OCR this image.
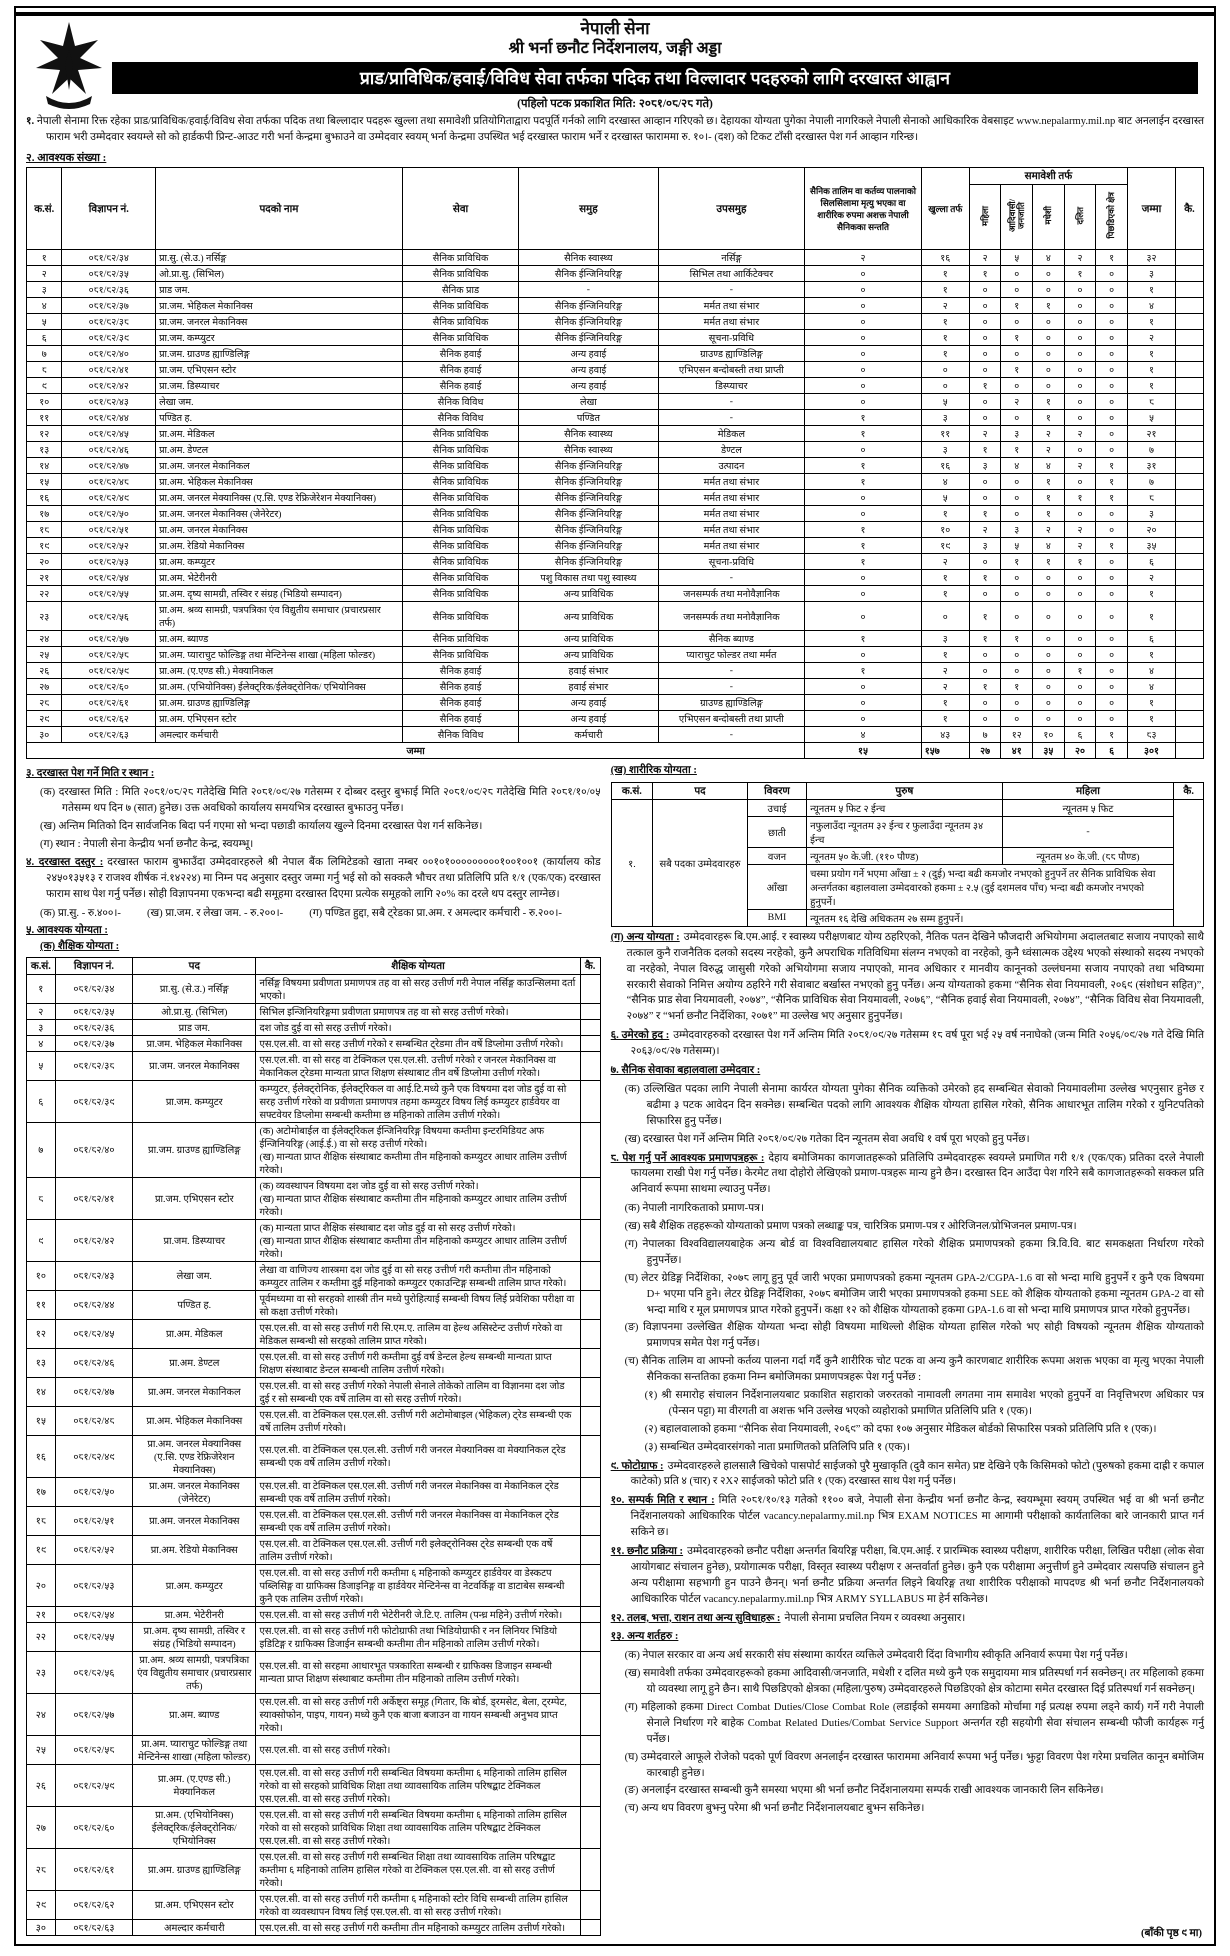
नेपाली सेना
श्री भर्ना छनौट निर्देशनालय, जङ्गी अड्डा
प्राड/प्राविधिक/हवाई/विविध सेवा तर्फका पदिक तथा विल्लादार पदहरुको लागि दरखास्त आह्वान
(पहिलो पटक प्रकाशित मिति: २०८१/०८/२८ गते)

१. नेपाली सेनामा रिक्त रहेका प्राड/प्राविधिक/हवाई/विविध सेवा तर्फका पदिक तथा बिल्लादार पदहरू खुल्ला तथा समावेशी प्रतियोगिताद्वारा पदपूर्ति गर्नको लागि दरखास्त आव्हान गरिएको छ। देहायका योग्यता पुगेका नेपाली नागरिकले नेपाली सेनाको आधिकारिक वेबसाइट www.nepalarmy.mil.np बाट अनलाईन दरखास्त फाराम भरी उम्मेदवार स्वयम्ले सो को हार्डकपी प्रिन्ट-आउट गरी भर्ना केन्द्रमा बुझाउने वा उम्मेदवार स्वयम् भर्ना केन्द्रमा उपस्थित भई दरखास्त फाराम भर्ने र दरखास्त फाराममा रु. १०।- (दश) को टिकट टाँसी दरखास्त पेश गर्न आव्हान गरिन्छ।

२. आवश्यक संख्या :
क.सं.	विज्ञापन नं.	पदको नाम	सेवा	समुह	उपसमुह	सैनिक तालिम वा कर्तव्य पालनाको सिलसिलामा मृत्यु भएका वा शारीरिक रुपमा अशक्त नेपाली सैनिकका सन्तति	खुल्ला तर्फ	समावेशी तर्फ					जम्मा	कै.
								महिला	आदिवासी/ जनजाति	मधेशी	दलित	पिछडिएको क्षेत्र		
१	०८१/८२/३४	प्रा.सु. (से.उ.) नर्सिङ्ग	सैनिक प्राविधिक	सैनिक स्वास्थ्य	नर्सिङ्ग	२	१६	२	५	४	२	१	३२	
२	०८१/८२/३५	ओ.प्रा.सु. (सिभिल)	सैनिक प्राविधिक	सैनिक ईन्जिनियरिङ्ग	सिभिल तथा आर्किटेक्चर	०	१	१	०	०	१	०	३	
३	०८१/८२/३६	प्राड जम.	सैनिक प्राड	-	-	०	१	०	०	०	०	०	१	
४	०८१/८२/३७	प्रा.जम. भेहिकल मेकानिक्स	सैनिक प्राविधिक	सैनिक ईन्जिनियरिङ्ग	मर्मत तथा संभार	०	२	०	१	१	०	०	४	
५	०८१/८२/३८	प्रा.जम. जनरल मेकानिक्स	सैनिक प्राविधिक	सैनिक ईन्जिनियरिङ्ग	मर्मत तथा संभार	०	१	०	०	०	०	०	१	
६	०८१/८२/३९	प्रा.जम. कम्प्युटर	सैनिक प्राविधिक	सैनिक ईन्जिनियरिङ्ग	सूचना-प्रविधि	०	१	०	१	०	०	०	२	
७	०८१/८२/४०	प्रा.जम. ग्राउण्ड ह्याण्डिलिङ्ग	सैनिक हवाई	अन्य हवाई	ग्राउण्ड ह्याण्डिलिङ्ग	०	१	०	०	०	०	०	१	
८	०८१/८२/४१	प्रा.जम. एभिएसन स्टोर	सैनिक हवाई	अन्य हवाई	एभिएसन बन्दोबस्ती तथा प्राप्ती	०	०	०	१	०	०	०	१	
९	०८१/८२/४२	प्रा.जम. डिस्प्याचर	सैनिक हवाई	अन्य हवाई	डिस्प्याचर	०	०	१	०	०	०	०	१	
१०	०८१/८२/४३	लेखा जम.	सैनिक विविध	लेखा	-	०	५	०	२	१	०	०	८	
११	०८१/८२/४४	पण्डित ह.	सैनिक विविध	पण्डित	-	१	३	०	०	१	०	०	५	
१२	०८१/८२/४५	प्रा.अम. मेडिकल	सैनिक प्राविधिक	सैनिक स्वास्थ्य	मेडिकल	१	११	२	३	२	२	०	२१	
१३	०८१/८२/४६	प्रा.अम. डेण्टल	सैनिक प्राविधिक	सैनिक स्वास्थ्य	डेण्टल	०	३	१	१	२	०	०	७	
१४	०८१/८२/४७	प्रा.अम. जनरल मेकानिकल	सैनिक प्राविधिक	सैनिक ईन्जिनियरिङ्ग	उत्पादन	१	१६	३	४	४	२	१	३१	
१५	०८१/८२/४८	प्रा.अम. भेहिकल मेकानिक्स	सैनिक प्राविधिक	सैनिक ईन्जिनियरिङ्ग	मर्मत तथा संभार	१	४	०	०	१	०	१	७	
१६	०८१/८२/४९	प्रा.अम. जनरल मेक्यानिक्स (ए.सि. एण्ड रेफ्रिजेरेशन मेक्यानिक्स)	सैनिक प्राविधिक	सैनिक ईन्जिनियरिङ्ग	मर्मत तथा संभार	०	५	०	०	१	१	१	८	
१७	०८१/८२/५०	प्रा.अम. जनरल मेकानिक्स (जेनेरेटर)	सैनिक प्राविधिक	सैनिक ईन्जिनियरिङ्ग	मर्मत तथा संभार	०	१	१	०	१	०	०	३	
१८	०८१/८२/५१	प्रा.अम. जनरल मेकानिक्स	सैनिक प्राविधिक	सैनिक ईन्जिनियरिङ्ग	मर्मत तथा संभार	१	१०	२	३	२	२	०	२०	
१९	०८१/८२/५२	प्रा.अम. रेडियो मेकानिक्स	सैनिक प्राविधिक	सैनिक ईन्जिनियरिङ्ग	मर्मत तथा संभार	१	१९	३	५	४	२	१	३५	
२०	०८१/८२/५३	प्रा.अम. कम्प्युटर	सैनिक प्राविधिक	सैनिक ईन्जिनियरिङ्ग	सूचना-प्रविधि	१	२	०	१	१	१	०	६	
२१	०८१/८२/५४	प्रा.अम. भेटेरीनरी	सैनिक प्राविधिक	पशु विकास तथा पशु स्वास्थ्य	-	०	१	१	०	०	०	०	२	
२२	०८१/८२/५५	प्रा.अम. दृष्य सामग्री, तस्विर र संग्रह (भिडियो सम्पादन)	सैनिक प्राविधिक	अन्य प्राविधिक	जनसम्पर्क तथा मनोवैज्ञानिक	०	१	०	०	०	०	०	१	
२३	०८१/८२/५६	प्रा.अम. श्रव्य सामग्री, पत्रपत्रिका एंव विद्युतीय समाचार (प्रचारप्रसार तर्फ)	सैनिक प्राविधिक	अन्य प्राविधिक	जनसम्पर्क तथा मनोवैज्ञानिक	०	०	१	०	०	०	०	१	
२४	०८१/८२/५७	प्रा.अम. ब्याण्ड	सैनिक प्राविधिक	अन्य प्राविधिक	सैनिक ब्याण्ड	१	३	१	१	०	०	०	६	
२५	०८१/८२/५८	प्रा.अम. प्याराचुट फोल्डिङ्ग तथा मेन्टिनेन्स शाखा (महिला फोल्डर)	सैनिक प्राविधिक	अन्य प्राविधिक	प्याराचुट फोल्डर तथा मर्मत	०	१	०	०	०	०	०	१	
२६	०८१/८२/५९	प्रा.अम. (ए.एण्ड सी.) मेक्यानिकल	सैनिक हवाई	हवाई संभार	-	१	२	०	०	०	१	०	४	
२७	०८१/८२/६०	प्रा.अम. (एभियोनिक्स) ईलेक्ट्रिक/ईलेक्ट्रोनिक/ एभियोनिक्स	सैनिक हवाई	हवाई संभार	-	०	२	१	१	०	०	०	४	
२८	०८१/८२/६१	प्रा.अम. ग्राउण्ड ह्याण्डिलिङ्ग	सैनिक हवाई	अन्य हवाई	ग्राउण्ड ह्याण्डिलिङ्ग	०	१	०	०	०	०	०	१	
२९	०८१/८२/६२	प्रा.अम. एभिएसन स्टोर	सैनिक हवाई	अन्य हवाई	एभिएसन बन्दोबस्ती तथा प्राप्ती	०	१	०	०	०	०	०	१	
३०	०८१/८२/६३	अमल्दार कर्मचारी	सैनिक विविध	कर्मचारी	-	४	४३	७	१२	१०	६	१	८३	
जम्मा						१५	१५७	२७	४१	३५	२०	६	३०१	

३. दरखास्त पेश गर्ने मिति र स्थान :

(क) दरखास्त मिति : मिति २०८१/०८/२८ गतेदेखि मिति २०८१/०९/२७ गतेसम्म र दोब्बर दस्तुर बुझाई मिति २०८१/०९/२८ गतेदेखि मिति २०८१/१०/०५ गतेसम्म थप दिन ७ (सात) हुनेछ। उक्त अवधिको कार्यालय समयभित्र दरखास्त बुझाउनु पर्नेछ।

(ख) अन्तिम मितिको दिन सार्वजनिक बिदा पर्न गएमा सो भन्दा पछाडी कार्यालय खुल्ने दिनमा दरखास्त पेश गर्न सकिनेछ।

(ग) स्थान : नेपाली सेना केन्द्रीय भर्ना छनौट केन्द्र, स्वयम्भू।

४. दरखास्त दस्तुर : दरखास्त फाराम बुझाउँदा उम्मेदवारहरुले श्री नेपाल बैंक लिमिटेडको खाता नम्बर ००१०१०००००००००१००१००१ (कार्यालय कोड २४५०१३५१३ र राजश्व शीर्षक नं.१४२२४) मा निम्न पद अनुसार दस्तुर जम्मा गर्नु भई सो को सक्कलै भौचर तथा प्रतिलिपि प्रति १/१ (एक/एक) दरखास्त फाराम साथ पेश गर्नु पर्नेछ। सोही विज्ञापनमा एकभन्दा बढी समूहमा दरखास्त दिएमा प्रत्येक समूहको लागि २०% का दरले थप दस्तुर लाग्नेछ।

(क) प्रा.सु. - रु.४००।- (ख) प्रा.जम. र लेखा जम. - रु.२००।- (ग) पण्डित हुद्दा, सबै ट्रेडका प्रा.अम. र अमल्दार कर्मचारी - रु.२००।-

५. आवश्यक योग्यता :

(क) शैक्षिक योग्यता :

क.सं.	विज्ञापन नं.	पद	शैक्षिक योग्यता	कै.
१	०८१/८२/३४	प्रा.सु. (से.उ.) नर्सिङ्ग	नर्सिङ्ग विषयमा प्रवीणता प्रमाणपत्र तह वा सो सरह उत्तीर्ण गरी नेपाल नर्सिङ्ग काउन्सिलमा दर्ता भएको।	
२	०८१/८२/३५	ओ.प्रा.सु. (सिभिल)	सिभिल इन्जिनियरिङ्गमा प्रवीणता प्रमाणपत्र तह वा सो सरह उत्तीर्ण गरेको।	
३	०८१/८२/३६	प्राड जम.	दश जोड दुई वा सो सरह उत्तीर्ण गरेको।	
४	०८१/८२/३७	प्रा.जम. भेहिकल मेकानिक्स	एस.एल.सी. वा सो सरह उत्तीर्ण गरेको र सम्बन्धित ट्रेडमा तीन वर्षे डिप्लोमा उत्तीर्ण गरेको।	
५	०८१/८२/३८	प्रा.जम. जनरल मेकानिक्स	एस.एल.सी. वा सो सरह वा टेक्निकल एस.एल.सी. उत्तीर्ण गरेको र जनरल मेकानिक्स वा मेकानिकल ट्रेडमा मान्यता प्राप्त शिक्षण संस्थाबाट तीन वर्षे डिप्लोमा उत्तीर्ण गरेको।	
६	०८१/८२/३९	प्रा.जम. कम्प्युटर	कम्प्युटर, ईलेक्ट्रोनिक, ईलेक्ट्रिकल वा आई.टि.मध्ये कुनै एक विषयमा दश जोड दुई वा सो सरह उत्तीर्ण गरेको वा प्रवीणता प्रमाणपत्र तहमा कम्प्युटर विषय लिई कम्प्युटर हार्डवेयर वा सफ्टवेयर डिप्लोमा सम्बन्धी कम्तीमा छ महिनाको तालिम उत्तीर्ण गरेको।	
७	०८१/८२/४०	प्रा.जम. ग्राउण्ड ह्याण्डिलिङ्ग	(क) अटोमोबाईल वा ईलेक्ट्रिकल ईन्जिनियरिङ्ग विषयमा कम्तीमा इन्टरमिडियट अफ ईन्जिनियरिङ्ग (आई.ई.) वा सो सरह उत्तीर्ण गरेको।
(ख) मान्यता प्राप्त शैक्षिक संस्थाबाट कम्तीमा तीन महिनाको कम्प्युटर आधार तालिम उत्तीर्ण गरेको।	
८	०८१/८२/४१	प्रा.जम. एभिएसन स्टोर	(क) व्यवस्थापन विषयमा दश जोड दुई वा सो सरह उत्तीर्ण गरेको।
(ख) मान्यता प्राप्त शैक्षिक संस्थाबाट कम्तीमा तीन महिनाको कम्प्युटर आधार तालिम उत्तीर्ण गरेको।	
९	०८१/८२/४२	प्रा.जम. डिस्प्याचर	(क) मान्यता प्राप्त शैक्षिक संस्थाबाट दश जोड दुई वा सो सरह उत्तीर्ण गरेको।
(ख) मान्यता प्राप्त शैक्षिक संस्थाबाट कम्तीमा तीन महिनाको कम्प्युटर आधार तालिम उत्तीर्ण गरेको।	
१०	०८१/८२/४३	लेखा जम.	लेखा वा वाणिज्य शास्त्रमा दश जोड दुई वा सो सरह उत्तीर्ण गरी कम्तीमा तीन महिनाको कम्प्युटर तालिम र कम्तीमा दुई महिनाको कम्प्युटर एकाउन्टिङ्ग सम्बन्धी तालिम प्राप्त गरेको।	
११	०८१/८२/४४	पण्डित ह.	पूर्वमध्यमा वा सो सरहको शास्त्री तीन मध्ये पुरोहित्याई सम्बन्धी विषय लिई प्रवेशिका परीक्षा वा सो कक्षा उत्तीर्ण गरेको।	
१२	०८१/८२/४५	प्रा.अम. मेडिकल	एस.एल.सी. वा सो सरह उत्तीर्ण गरी सि.एम.ए. तालिम वा हेल्थ असिस्टेन्ट उत्तीर्ण गरेको वा मेडिकल सम्बन्धी सो सरहको तालिम प्राप्त गरेको।	
१३	०८१/८२/४६	प्रा.अम. डेण्टल	एस.एल.सी. वा सो सरह उत्तीर्ण गरी कम्तीमा दुई वर्ष डेन्टल हेल्थ सम्बन्धी मान्यता प्राप्त शिक्षण संस्थाबाट डेन्टल सम्बन्धी तालिम उत्तीर्ण गरेको।	
१४	०८१/८२/४७	प्रा.अम. जनरल मेकानिकल	एस.एल.सी. वा सो सरह उत्तीर्ण गरेको नेपाली सेनाले तोकेको तालिम वा विज्ञानमा दश जोड दुई र सो सम्बन्धी एक वर्षे तालिम वा सो सरह उत्तीर्ण गरेको।	
१५	०८१/८२/४८	प्रा.अम. भेहिकल मेकानिक्स	एस.एल.सी. वा टेक्निकल एस.एल.सी. उत्तीर्ण गरी अटोमोबाइल (भेहिकल) ट्रेड सम्बन्धी एक वर्षे तालिम उत्तीर्ण गरेको।	
१६	०८१/८२/४९	प्रा.अम. जनरल मेक्यानिक्स (ए.सि. एण्ड रेफ्रिजेरेशन मेक्यानिक्स)	एस.एल.सी. वा टेक्निकल एस.एल.सी. उत्तीर्ण गरी जनरल मेक्यानिक्स वा मेक्यानिकल ट्रेड सम्बन्धी एक वर्षे तालिम उत्तीर्ण गरेको।	
१७	०८१/८२/५०	प्रा.अम. जनरल मेकानिक्स (जेनेरेटर)	एस.एल.सी. वा टेक्निकल एस.एल.सी. उत्तीर्ण गरी जनरल मेकानिक्स वा मेकानिकल ट्रेड सम्बन्धी एक वर्षे तालिम उत्तीर्ण गरेको।	
१८	०८१/८२/५१	प्रा.अम. जनरल मेकानिक्स	एस.एल.सी. वा टेक्निकल एस.एल.सी. उत्तीर्ण गरी जनरल मेकानिक्स वा मेकानिकल ट्रेड सम्बन्धी एक वर्षे तालिम उत्तीर्ण गरेको।	
१९	०८१/८२/५२	प्रा.अम. रेडियो मेकानिक्स	एस.एल.सी. वा टेक्निकल एस.एल.सी. उत्तीर्ण गरी इलेक्ट्रोनिक्स ट्रेड सम्बन्धी एक वर्षे तालिम उत्तीर्ण गरेको।	
२०	०८१/८२/५३	प्रा.अम. कम्प्युटर	एस.एल.सी. वा सो सरह उत्तीर्ण गरी कम्तीमा ६ महिनाको कम्प्युटर हार्डवेयर वा डेस्कटप पब्लिसिङ्ग वा ग्राफिक्स डिजाइनिङ्ग वा हार्डवेयर मेन्टिनेन्स वा नेटवर्किङ्ग वा डाटाबेस सम्बन्धी कुनै एक तालिम उत्तीर्ण गरेको।	
२१	०८१/८२/५४	प्रा.अम. भेटेरीनरी	एस.एल.सी. वा सो सरह उत्तीर्ण गरी भेटेरीनरी जे.टि.ए. तालिम (पन्ध्र महिने) उत्तीर्ण गरेको।	
२२	०८१/८२/५५	प्रा.अम. दृष्य सामग्री, तस्विर र संग्रह (भिडियो सम्पादन)	एस.एल.सी. वा सो सरह उत्तीर्ण गरी फोटोग्राफी तथा भिडियोग्राफी र नन लिनियर भिडियो इडिटिङ्ग र ग्राफिक्स डिजाईन सम्बन्धी कम्तीमा तीन महिनाको तालिम उत्तीर्ण गरेको।	
२३	०८१/८२/५६	प्रा.अम. श्रव्य सामग्री, पत्रपत्रिका एंव विद्युतीय समाचार (प्रचारप्रसार तर्फ)	एस.एल.सी. वा सो सरहमा आधारभूत पत्रकारिता सम्बन्धी र ग्राफिक्स डिजाइन सम्बन्धी मान्यता प्राप्त शिक्षण संस्थाबाट कम्तीमा तीन महिनाको तालिम उत्तीर्ण गरेको।	
२४	०८१/८२/५७	प्रा.अम. ब्याण्ड	एस.एल.सी. वा सो सरह उत्तीर्ण गरी अर्केष्ट्रा समूह (गितार, कि बोर्ड, ड्रमसेट, बेला, ट्रम्पेट, स्याक्सोफोन, पाइप, गायन) मध्ये कुनै एक बाजा बजाउन वा गायन सम्बन्धी अनुभव प्राप्त गरेको।	
२५	०८१/८२/५८	प्रा.अम. प्याराचुट फोल्डिङ्ग तथा मेन्टिनेन्स शाखा (महिला फोल्डर)	एस.एल.सी. वा सो सरह उत्तीर्ण गरेको।	
२६	०८१/८२/५९	प्रा.अम. (ए.एण्ड सी.) मेक्यानिकल	एस.एल.सी. वा सो सरह उत्तीर्ण गरी सम्बन्धित विषयमा कम्तीमा ६ महिनाको तालिम हासिल गरेको वा सो सरहको प्राविधिक शिक्षा तथा व्यावसायिक तालिम परिषद्बाट टेक्निकल एस.एल.सी. वा सो सरह उत्तीर्ण गरेको।	
२७	०८१/८२/६०	प्रा.अम. (एभियोनिक्स) ईलेक्ट्रिक/ईलेक्ट्रोनिक/ एभियोनिक्स	एस.एल.सी. वा सो सरह उत्तीर्ण गरी सम्बन्धित विषयमा कम्तीमा ६ महिनाको तालिम हासिल गरेको वा सो सरहको प्राविधिक शिक्षा तथा व्यावसायिक तालिम परिषद्बाट टेक्निकल एस.एल.सी. वा सो सरह उत्तीर्ण गरेको।	
२८	०८१/८२/६१	प्रा.अम. ग्राउण्ड ह्याण्डिलिङ्ग	एस.एल.सी. वा सो सरह उत्तीर्ण गरी सम्बन्धित शिक्षा तथा व्यावसायिक तालिम परिषद्बाट कम्तीमा ६ महिनाको तालिम हासिल गरेको वा टेक्निकल एस.एल.सी. वा सो सरह उत्तीर्ण गरेको।	
२९	०८१/८२/६२	प्रा.अम. एभिएसन स्टोर	एस.एल.सी. वा सो सरह उत्तीर्ण गरी कम्तीमा ६ महिनाको स्टोर विधि सम्बन्धी तालिम हासिल गरेको वा व्यवस्थापन विषय लिई एस.एल.सी. वा सो सरह उत्तीर्ण गरेको।	
३०	०८१/८२/६३	अमल्दार कर्मचारी	एस.एल.सी. वा सो सरह उत्तीर्ण गरी कम्तीमा तीन महिनाको कम्प्युटर तालिम उत्तीर्ण गरेको।	

(ख) शारीरिक योग्यता :

क.सं.	पद	विवरण	पुरुष	महिला	कै.
१.	सबै पदका उम्मेदवारहरु	उचाई	न्यूनतम ५ फिट २ ईन्च	न्यूनतम ५ फिट	
		छाती	नफुलाउँदा न्यूनतम ३२ ईन्च र फुलाउँदा न्यूनतम ३४ ईन्च	-	
		वजन	न्यूनतम ५० के.जी. (११० पौण्ड)	न्यूनतम ४० के.जी. (८८ पौण्ड)	
		आँखा	चस्मा प्रयोग गर्ने भएमा आँखा ± २ (दुई) भन्दा बढी कमजोर नभएको हुनुपर्ने तर सैनिक प्राविधिक सेवा अन्तर्गतका बहालवाला उम्मेदवारको हकमा ± २.५ (दुई दशमलव पाँच) भन्दा बढी कमजोर नभएको हुनुपर्ने।		
		BMI	न्यूनतम १६ देखि अधिकतम २७ सम्म हुनुपर्ने।		

(ग) अन्य योग्यता : उम्मेदवारहरू बि.एम.आई. र स्वास्थ्य परीक्षणबाट योग्य ठहरिएको, नैतिक पतन देखिने फौजदारी अभियोगमा अदालतबाट सजाय नपाएको साथै तत्काल कुनै राजनैतिक दलको सदस्य नरहेको, कुनै अपराधिक गतिविधिमा संलग्न नभएको वा नरहेको, कुनै ध्वंसात्मक उद्देश्य भएको संस्थाको सदस्य नभएको वा नरहेको, नेपाल विरुद्ध जासुसी गरेको अभियोगमा सजाय नपाएको, मानव अधिकार र मानवीय कानूनको उल्लंघनमा सजाय नपाएको तथा भविष्यमा सरकारी सेवाको निमित्त अयोग्य ठहरिने गरी सेवाबाट बर्खास्त नभएको हुनु पर्नेछ। अन्य योग्यताको हकमा “सैनिक सेवा नियमावली, २०६९ (संशोधन सहित)”, “सैनिक प्राड सेवा नियमावली, २०७४”, “सैनिक प्राविधिक सेवा नियमावली, २०७६”, “सैनिक हवाई सेवा नियमावली, २०७४”, “सैनिक विविध सेवा नियमावली, २०७४” र “भर्ना छनौट निर्देशिका, २०७१” मा उल्लेख भए अनुसार हुनुपर्नेछ।

६. उमेरको हद : उम्मेदवारहरुको दरखास्त पेश गर्ने अन्तिम मिति २०८१/०९/२७ गतेसम्म १८ वर्ष पूरा भई २५ वर्ष ननाघेको (जन्म मिति २०५६/०९/२७ गते देखि मिति २०६३/०९/२७ गतेसम्म)।

७. सैनिक सेवाका बहालवाला उम्मेदवार :

(क) उल्लिखित पदका लागि नेपाली सेनामा कार्यरत योग्यता पुगेका सैनिक व्यक्तिको उमेरको हद सम्बन्धित सेवाको नियमावलीमा उल्लेख भएनुसार हुनेछ र बढीमा ३ पटक आवेदन दिन सक्नेछ। सम्बन्धित पदको लागि आवश्यक शैक्षिक योग्यता हासिल गरेको, सैनिक आधारभूत तालिम गरेको र युनिटपतिको सिफारिस हुनु पर्नेछ।

(ख) दरखास्त पेश गर्ने अन्तिम मिति २०८१/०९/२७ गतेका दिन न्यूनतम सेवा अवधि १ वर्ष पूरा भएको हुनु पर्नेछ।

८. पेश गर्नु पर्ने आवश्यक प्रमाणपत्रहरू : देहाय बमोजिमका कागजातहरूको प्रतिलिपि उम्मेदवारहरू स्वयम्ले प्रमाणित गरी १/१ (एक/एक) प्रतिका दरले नेपाली फायलमा राखी पेश गर्नु पर्नेछ। केरमेट तथा दोहोरो लेखिएको प्रमाण-पत्रहरू मान्य हुने छैन। दरखास्त दिन आउँदा पेश गरिने सबै कागजातहरूको सक्कल प्रति अनिवार्य रूपमा साथमा ल्याउनु पर्नेछ।

(क) नेपाली नागरिकताको प्रमाण-पत्र।

(ख) सबै शैक्षिक तहहरूको योग्यताको प्रमाण पत्रको लब्धाङ्क पत्र, चारित्रिक प्रमाण-पत्र र ओरिजिनल/प्रोभिजनल प्रमाण-पत्र।

(ग) नेपालका विश्वविद्यालयबाहेक अन्य बोर्ड वा विश्वविद्यालयबाट हासिल गरेको शैक्षिक प्रमाणपत्रको हकमा त्रि.वि.वि. बाट समकक्षता निर्धारण गरेको हुनुपर्नेछ।

(घ) लेटर ग्रेडिङ्ग निर्देशिका, २०७८ लागू हुनु पूर्व जारी भएका प्रमाणपत्रको हकमा न्यूनतम GPA-2/CGPA-1.6 वा सो भन्दा माथि हुनुपर्ने र कुनै एक विषयमा D+ भएमा पनि हुने। लेटर ग्रेडिङ्ग निर्देशिका, २०७८ बमोजिम जारी भएका प्रमाणपत्रको हकमा SEE को शैक्षिक योग्यताको हकमा न्यूनतम GPA-2 वा सो भन्दा माथि र मूल प्रमाणपत्र प्राप्त गरेको हुनुपर्ने। कक्षा १२ को शैक्षिक योग्यताको हकमा GPA-1.6 वा सो भन्दा माथि प्रमाणपत्र प्राप्त गरेको हुनुपर्नेछ।

(ङ) विज्ञापनमा उल्लेखित शैक्षिक योग्यता भन्दा सोही विषयमा माथिल्लो शैक्षिक योग्यता हासिल गरेको भए सोही विषयको न्यूनतम शैक्षिक योग्यताको प्रमाणपत्र समेत पेश गर्नु पर्नेछ।

(च) सैनिक तालिम वा आफ्नो कर्तव्य पालना गर्दा गर्दै कुनै शारीरिक चोट पटक वा अन्य कुनै कारणबाट शारीरिक रूपमा अशक्त भएका वा मृत्यु भएका नेपाली सैनिकका सन्ततिका हकमा निम्न बमोजिमका प्रमाणपत्रहरू पेश गर्नु पर्नेछ :

(१) श्री समारोह संचालन निर्देशनालयबाट प्रकाशित सहाराको जरुरतको नामावली लगतमा नाम समावेश भएको हुनुपर्ने वा निवृत्तिभरण अधिकार पत्र (पेन्सन पट्टा) मा वीरगती वा अशक्त भनि उल्लेख भएको व्यहोराको प्रमाणित प्रतिलिपि प्रति १ (एक)।

(२) बहालवालाको हकमा “सैनिक सेवा नियमावली, २०६९” को दफा १०७ अनुसार मेडिकल बोर्डको सिफारिस पत्रको प्रतिलिपि प्रति १ (एक)।

(३) सम्बन्धित उम्मेदवारसंगको नाता प्रमाणितको प्रतिलिपि प्रति १ (एक)।

९. फोटोग्राफ : उम्मेदवारहरुले हालसालै खिचेको पासपोर्ट साईजको पुरै मुखाकृति (दुवै कान समेत) प्रष्ट देखिने एकै किसिमको फोटो (पुरुषको हकमा दाह्री र कपाल काटेको) प्रति ४ (चार) र २X२ साईजको फोटो प्रति १ (एक) दरखास्त साथ पेश गर्नु पर्नेछ।

१०. सम्पर्क मिति र स्थान : मिति २०८१/१०/१३ गतेको ११०० बजे, नेपाली सेना केन्द्रीय भर्ना छनौट केन्द्र, स्वयम्भूमा स्वयम् उपस्थित भई वा श्री भर्ना छनौट निर्देशनालयको आधिकारिक पोर्टल vacancy.nepalarmy.mil.np भित्र EXAM NOTICES मा आगामी परीक्षाको कार्यतालिका बारे जानकारी प्राप्त गर्न सकिने छ।

११. छनौट प्रक्रिया : उम्मेदवारहरुको छनौट परीक्षा अन्तर्गत बियरिङ्ग परीक्षा, बि.एम.आई. र प्रारम्भिक स्वास्थ्य परीक्षण, शारीरिक परीक्षा, लिखित परीक्षा (लोक सेवा आयोगबाट संचालन हुनेछ), प्रयोगात्मक परीक्षा, विस्तृत स्वास्थ्य परीक्षण र अन्तर्वार्ता हुनेछ। कुनै एक परीक्षामा अनुत्तीर्ण हुने उम्मेदवार त्यसपछि संचालन हुने अन्य परीक्षामा सहभागी हुन पाउने छैनन्। भर्ना छनौट प्रक्रिया अन्तर्गत लिइने बियरिङ्ग तथा शारीरिक परीक्षाको मापदण्ड श्री भर्ना छनौट निर्देशनालयको आधिकारिक पोर्टल vacancy.nepalarmy.mil.np भित्र ARMY SYLLABUS मा हेर्न सकिनेछ।

१२. तलब, भत्ता, राशन तथा अन्य सुविधाहरू : नेपाली सेनामा प्रचलित नियम र व्यवस्था अनुसार।

१३. अन्य शर्तहरु :

(क) नेपाल सरकार वा अन्य अर्ध सरकारी संघ संस्थामा कार्यरत व्यक्तिले उम्मेदवारी दिंदा विभागीय स्वीकृति अनिवार्य रूपमा पेश गर्नु पर्नेछ।

(ख) समावेशी तर्फका उम्मेदवारहरूको हकमा आदिवासी/जनजाति, मधेशी र दलित मध्ये कुनै एक समुदायमा मात्र प्रतिस्पर्धा गर्न सक्नेछन्। तर महिलाको हकमा यो व्यवस्था लागू हुने छैन। साथै पिछडिएको क्षेत्रका (महिला/पुरुष) उम्मेदवारहरुले पिछडिएको क्षेत्र कोटामा समेत दरखास्त दिई प्रतिस्पर्धा गर्न सक्नेछन्।

(ग) महिलाको हकमा Direct Combat Duties/Close Combat Role (लडाईको समयमा अगाडिको मोर्चामा गई प्रत्यक्ष रुपमा लड्ने कार्य) गर्ने गरी नेपाली सेनाले निर्धारण गरे बाहेक Combat Related Duties/Combat Service Support अन्तर्गत रही सहयोगी सेवा संचालन सम्बन्धी फौजी कार्यहरू गर्नु पर्नेछ।

(घ) उम्मेदवारले आफूले रोजेको पदको पूर्ण विवरण अनलाईन दरखास्त फाराममा अनिवार्य रूपमा भर्नु पर्नेछ। झुट्टा विवरण पेश गरेमा प्रचलित कानून बमोजिम कारबाही हुनेछ।

(ङ) अनलाईन दरखास्त सम्बन्धी कुनै समस्या भएमा श्री भर्ना छनौट निर्देशनालयमा सम्पर्क राखी आवश्यक जानकारी लिन सकिनेछ।

(च) अन्य थप विवरण बुझ्नु परेमा श्री भर्ना छनौट निर्देशनालयबाट बुझ्न सकिनेछ।

(बाँकी पृष्ठ ९ मा)
